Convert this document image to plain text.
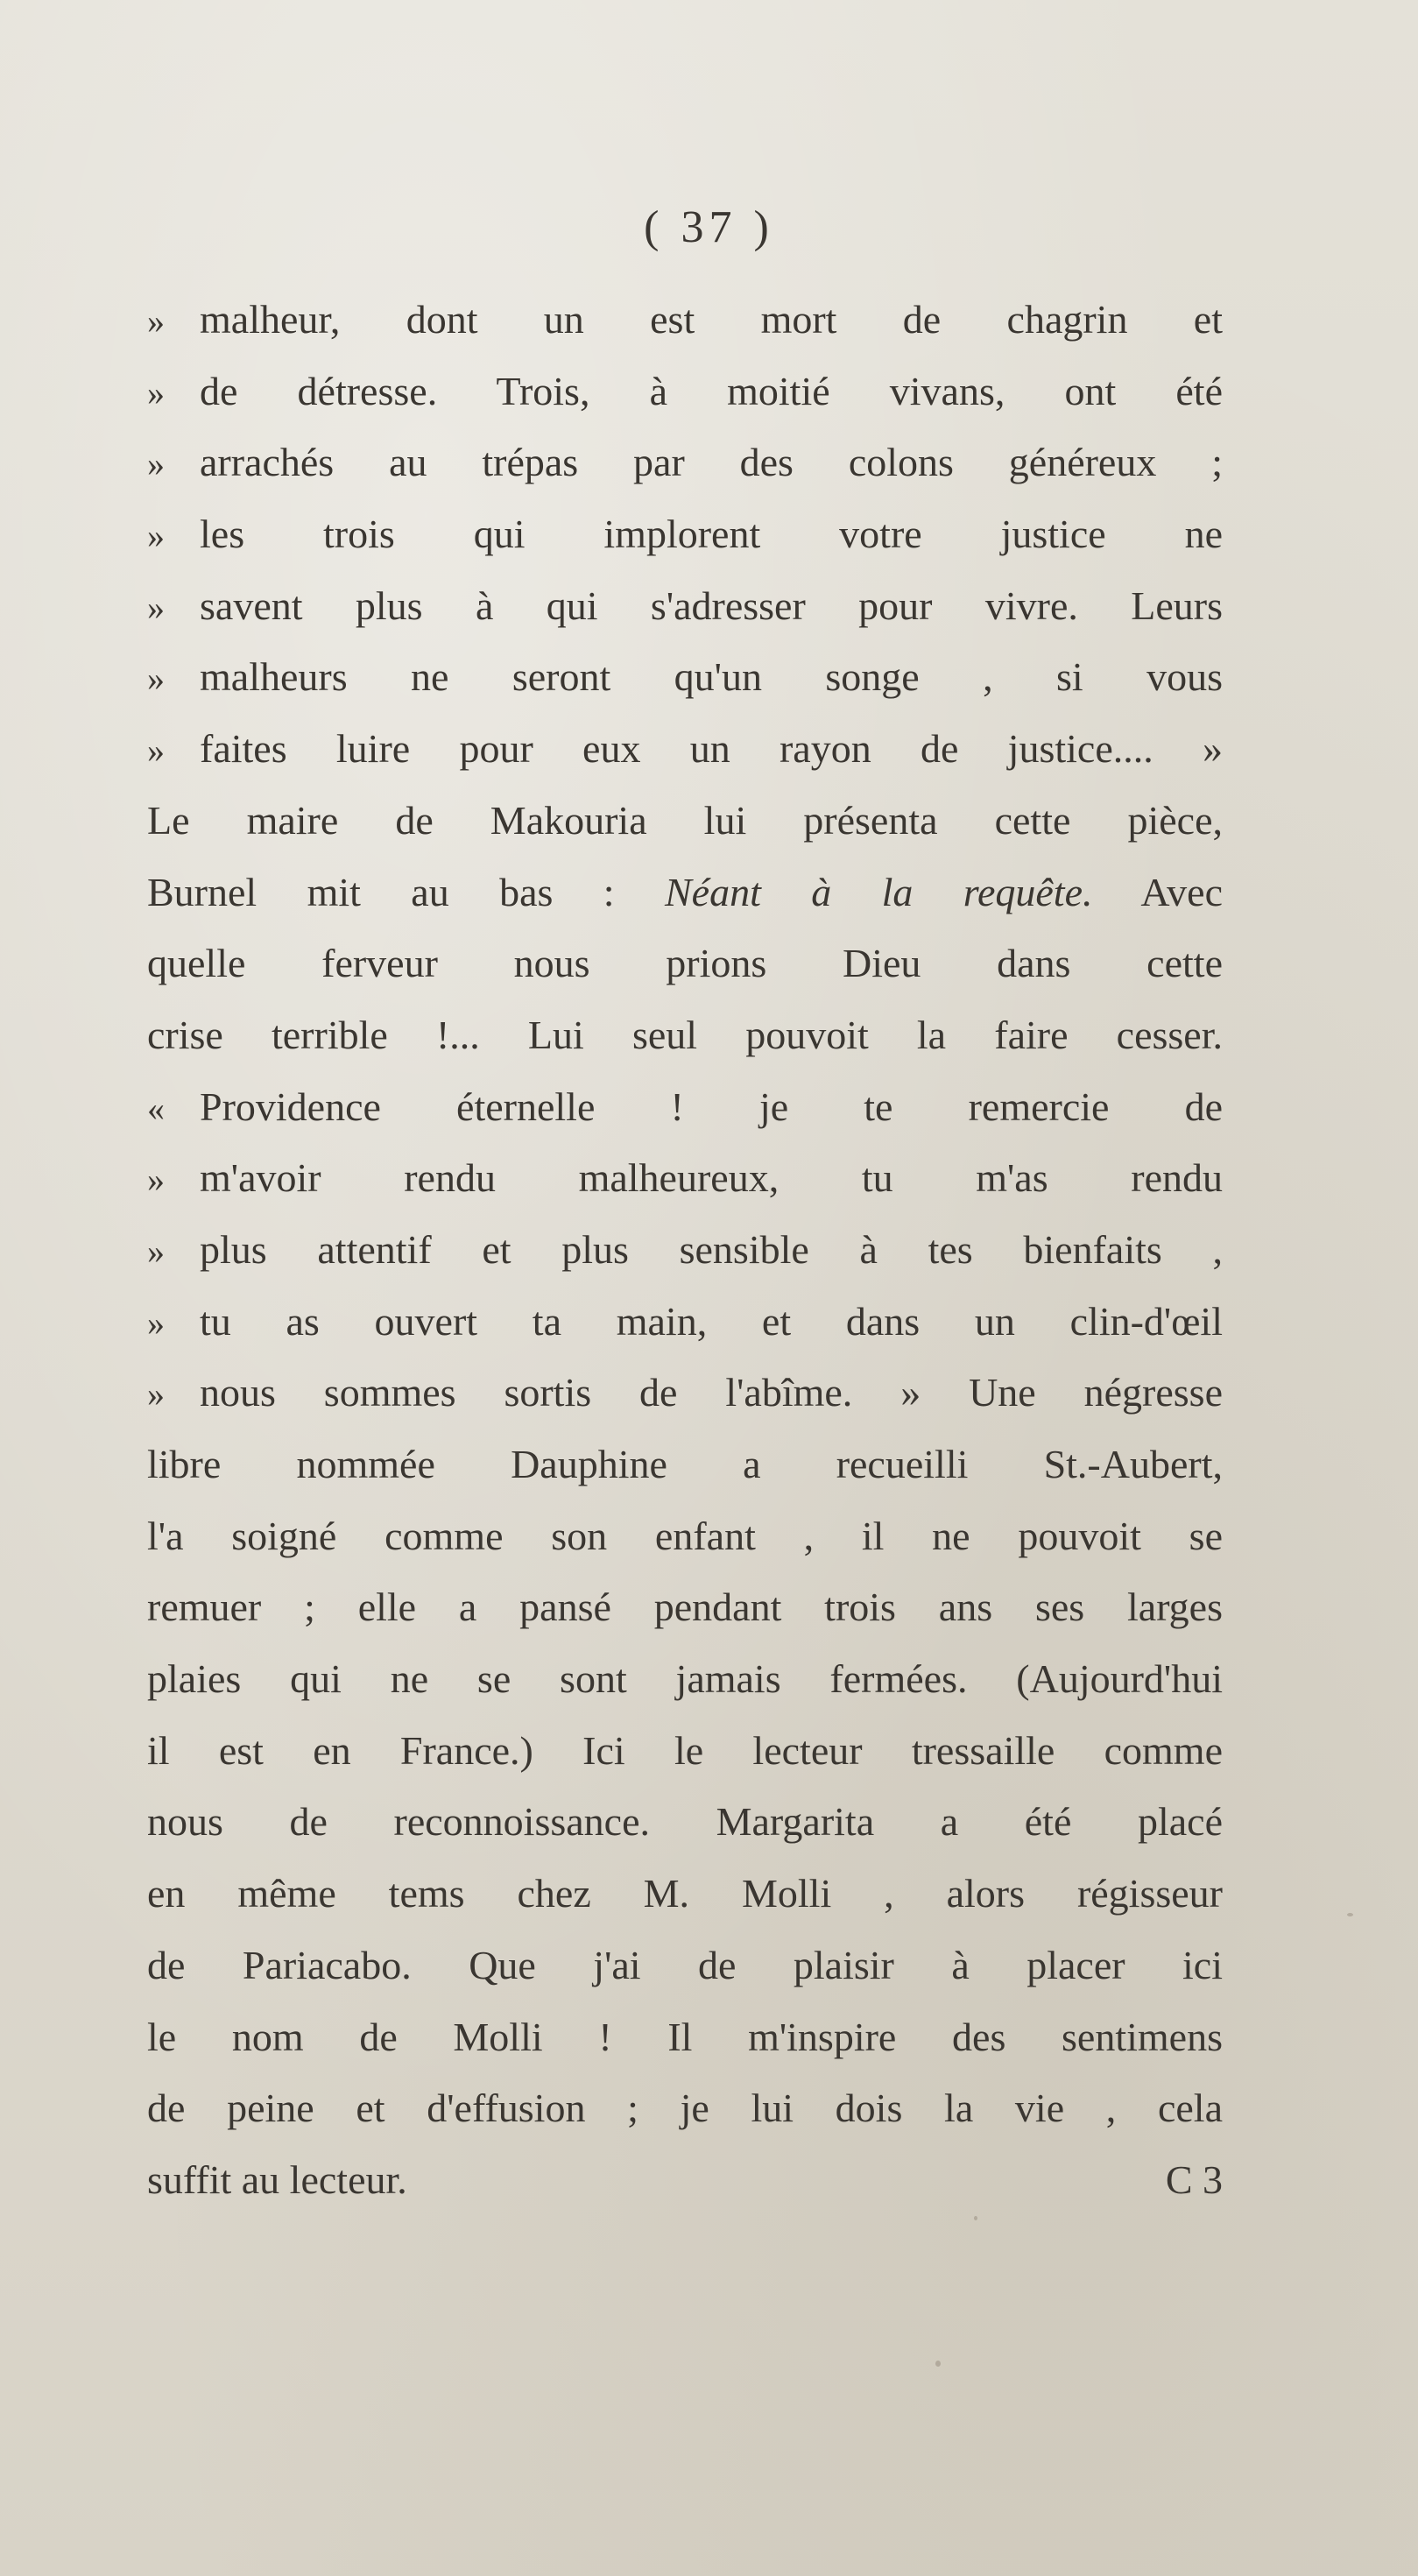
( 37 )
» malheur, dont un est mort de chagrin et
» de détresse. Trois, à moitié vivans, ont été
» arrachés au trépas par des colons généreux ;
» les trois qui implorent votre justice ne
» savent plus à qui s'adresser pour vivre. Leurs
» malheurs ne seront qu'un songe , si vous
» faites luire pour eux un rayon de justice.... »
Le maire de Makouria lui présenta cette pièce,
Burnel mit au bas : Néant à la requête. Avec
quelle ferveur nous prions Dieu dans cette
crise terrible !... Lui seul pouvoit la faire cesser.
« Providence éternelle ! je te remercie de
» m'avoir rendu malheureux, tu m'as rendu
» plus attentif et plus sensible à tes bienfaits ,
» tu as ouvert ta main, et dans un clin-d'œil
» nous sommes sortis de l'abîme. » Une négresse
libre nommée Dauphine a recueilli St.-Aubert,
l'a soigné comme son enfant , il ne pouvoit se
remuer ; elle a pansé pendant trois ans ses larges
plaies qui ne se sont jamais fermées. (Aujourd'hui
il est en France.) Ici le lecteur tressaille comme
nous de reconnoissance. Margarita a été placé
en même tems chez M. Molli , alors régisseur
de Pariacabo. Que j'ai de plaisir à placer ici
le nom de Molli ! Il m'inspire des sentimens
de peine et d'effusion ; je lui dois la vie , cela
suffit au lecteur.	C 3
